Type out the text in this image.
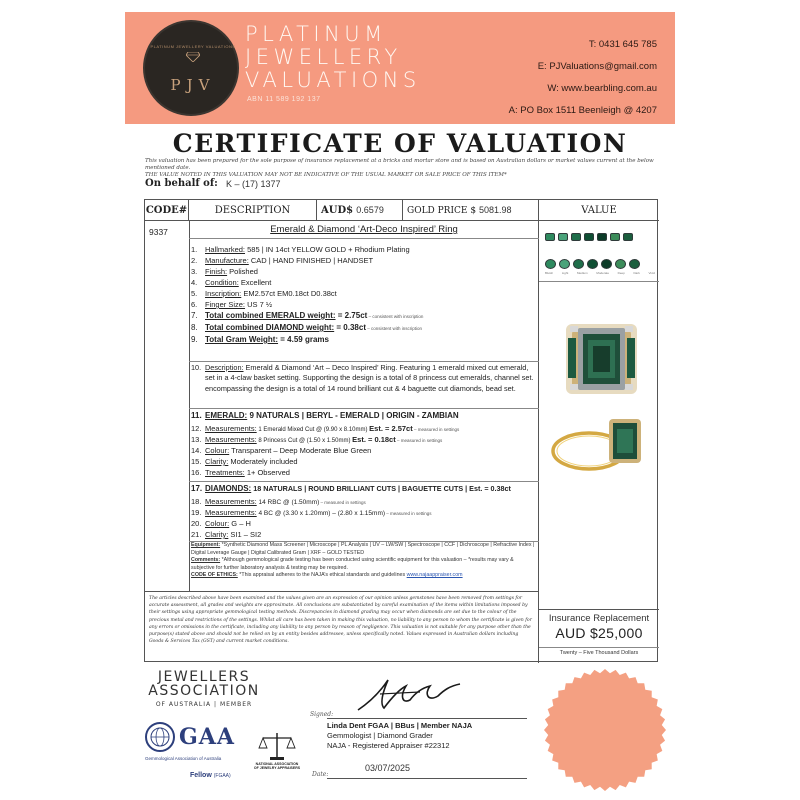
PLATINUM JEWELLERY VALUATIONS
PJV
PLATINUM
JEWELLERY
VALUATIONS
ABN 11 589 192 137
T: 0431 645 785
E: PJValuations@gmail.com
W: www.bearbling.com.au
A: PO Box 1511 Beenleigh @ 4207
CERTIFICATE OF VALUATION
This valuation has been prepared for the sole purpose of insurance replacement at a bricks and mortar store and is based on Australian dollars or market values current at the below mentioned date.
THE VALUE NOTED IN THIS VALUATION MAY NOT BE INDICATIVE OF THE USUAL MARKET OR SALE PRICE OF THIS ITEM*
On behalf of: K – (17) 1377
CODE#	DESCRIPTION	AUD$ 0.6579	GOLD PRICE $ 5081.98	VALUE
9337	Emerald & Diamond ‘Art-Deco Inspired’ Ring
1.	Hallmarked: 585 | IN 14ct YELLOW GOLD + Rhodium Plating
2.	Manufacture: CAD | HAND FINISHED | HANDSET
3.	Finish: Polished
4.	Condition: Excellent
5.	Inscription: EM2.57ct EM0.18ct D0.38ct
6.	Finger Size: US 7 ½
7. Total combined EMERALD weight: = 2.75ct – consistent with inscription
8. Total combined DIAMOND weight: = 0.38ct – consistent with inscription
9. Total Gram Weight: = 4.59 grams
10. Description: Emerald & Diamond ‘Art – Deco Inspired’ Ring. Featuring 1 emerald mixed cut emerald, set in a 4-claw basket setting. Supporting the design is a total of 8 princess cut emeralds, channel set. encompassing the design is a total of 14 round brilliant cut & 4 baguette cut diamonds, bead set.
11. EMERALD: 9 NATURALS | BERYL - EMERALD | ORIGIN - ZAMBIAN
12. Measurements: 1 Emerald Mixed Cut @ (9.90 x 8.10mm) Est. = 2.57ct – measured in settings
13. Measurements: 8 Princess Cut @ (1.50 x 1.50mm) Est. = 0.18ct – measured in settings
14. Colour: Transparent – Deep Moderate Blue Green
15. Clarity: Moderately included
16. Treatments: 1+ Observed
17. DIAMONDS: 18 NATURALS | ROUND BRILLIANT CUTS | BAGUETTE CUTS | Est. = 0.38ct
18. Measurements: 14 RBC @ (1.50mm) – measured in settings
19. Measurements: 4 BC @ (3.30 x 1.20mm) – (2.80 x 1.15mm) – measured in settings
20. Colour: G – H
21. Clarity: SI1 – SI2
Equipment: *Synthetic Diamond Mass Screener | Microscope | PL Analysis | UV – LW/SW | Spectroscope | CCF | Dichroscope | Refractive Index | Digital Leverage Gauge | Digital Calibrated Gram | XRF – GOLD TESTED
Comments: *Although gemmological grade testing has been conducted using scientific equipment for this valuation – *results may vary & subjective for further laboratory analysis & testing may be required.
CODE OF ETHICS: *This appraisal adheres to the NAJA’s ethical standards and guidelines www.najaappraiser.com
Bluish	Light	Medium	Moderate	Deep	Dark	Vivid
The articles described above have been examined and the values given are an expression of our opinion unless gemstones have been removed from settings for accurate assessment, all grades and weights are approximate. All conclusions are substantiated by careful examination of the items within limitations imposed by their settings using appropriate gemmological testing methods. Discrepancies in diamond grading may occur when diamonds are set due to the colour of the precious metal and restrictions of the settings. Whilst all care has been taken in making this valuation, no liability to any person to whom the certificate is given for any errors or omissions in the certificate, including any liability to any person by reason of negligence. This valuation is not suitable for any purpose other than the purpose(s) stated above and should not be relied on by an entity besides addressee, unless specifically noted. Values expressed in Australian dollars including Goods & Services Tax (GST) and current market conditions.
Insurance Replacement
AUD $25,000
Twenty – Five Thousand Dollars
JEWELLERS
ASSOCIATION
OF AUSTRALIA | MEMBER
GAA
Gemmological Association of Australia
Fellow (FGAA)
NATIONAL ASSOCIATION OF JEWELRY APPRAISERS
Signed:
Linda Dent FGAA | BBus | Member NAJA
Gemmologist | Diamond Grader
NAJA - Registered Appraiser #22312
Date:
03/07/2025
